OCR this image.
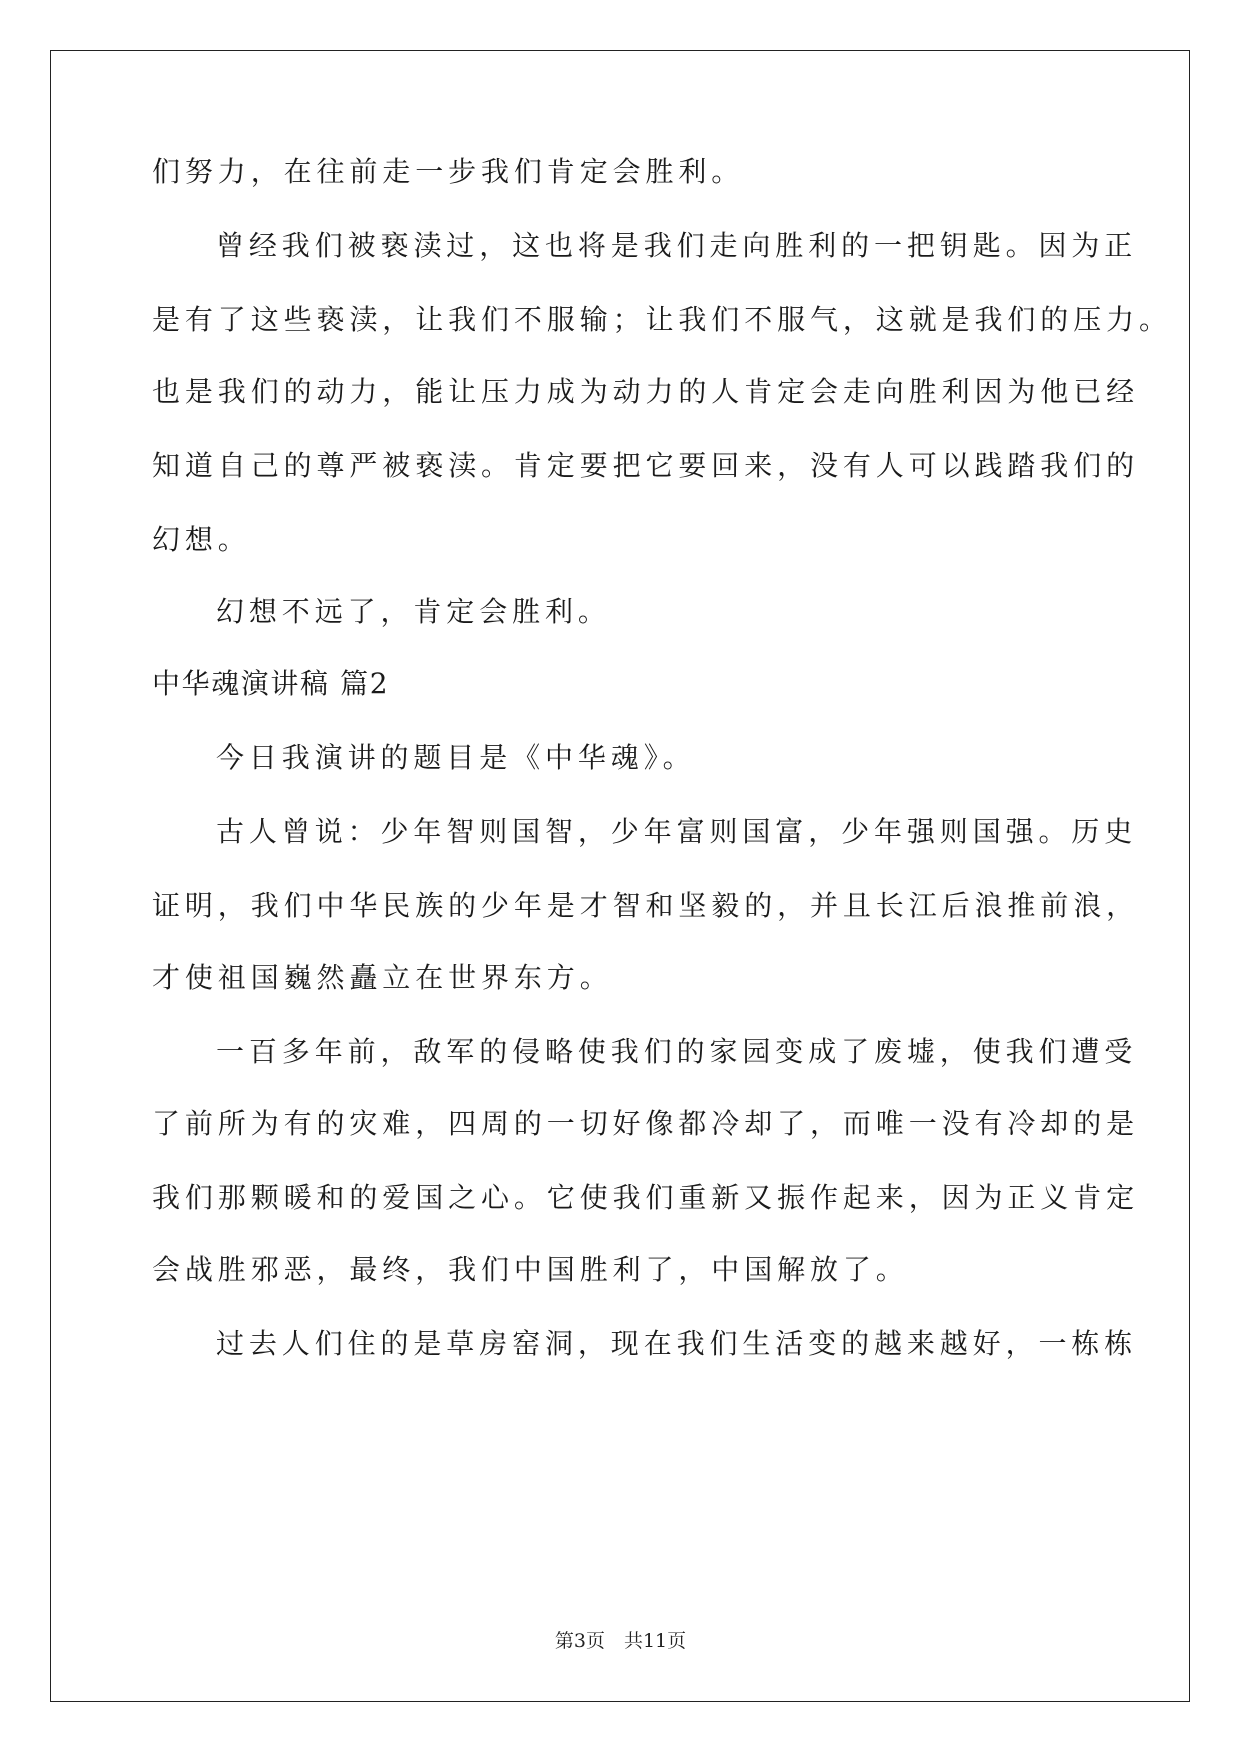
们努力，在往前走一步我们肯定会胜利。
曾经我们被亵渎过，这也将是我们走向胜利的一把钥匙。因为正
是有了这些亵渎，让我们不服输；让我们不服气，这就是我们的压力。
也是我们的动力，能让压力成为动力的人肯定会走向胜利因为他已经
知道自己的尊严被亵渎。肯定要把它要回来，没有人可以践踏我们的
幻想。
幻想不远了，肯定会胜利。
中华魂演讲稿 篇2
今日我演讲的题目是《中华魂》。
古人曾说：少年智则国智，少年富则国富，少年强则国强。历史
证明，我们中华民族的少年是才智和坚毅的，并且长江后浪推前浪，
才使祖国巍然矗立在世界东方。
一百多年前，敌军的侵略使我们的家园变成了废墟，使我们遭受
了前所为有的灾难，四周的一切好像都冷却了，而唯一没有冷却的是
我们那颗暖和的爱国之心。它使我们重新又振作起来，因为正义肯定
会战胜邪恶，最终，我们中国胜利了，中国解放了。
过去人们住的是草房窑洞，现在我们生活变的越来越好，一栋栋
第3页　共11页
